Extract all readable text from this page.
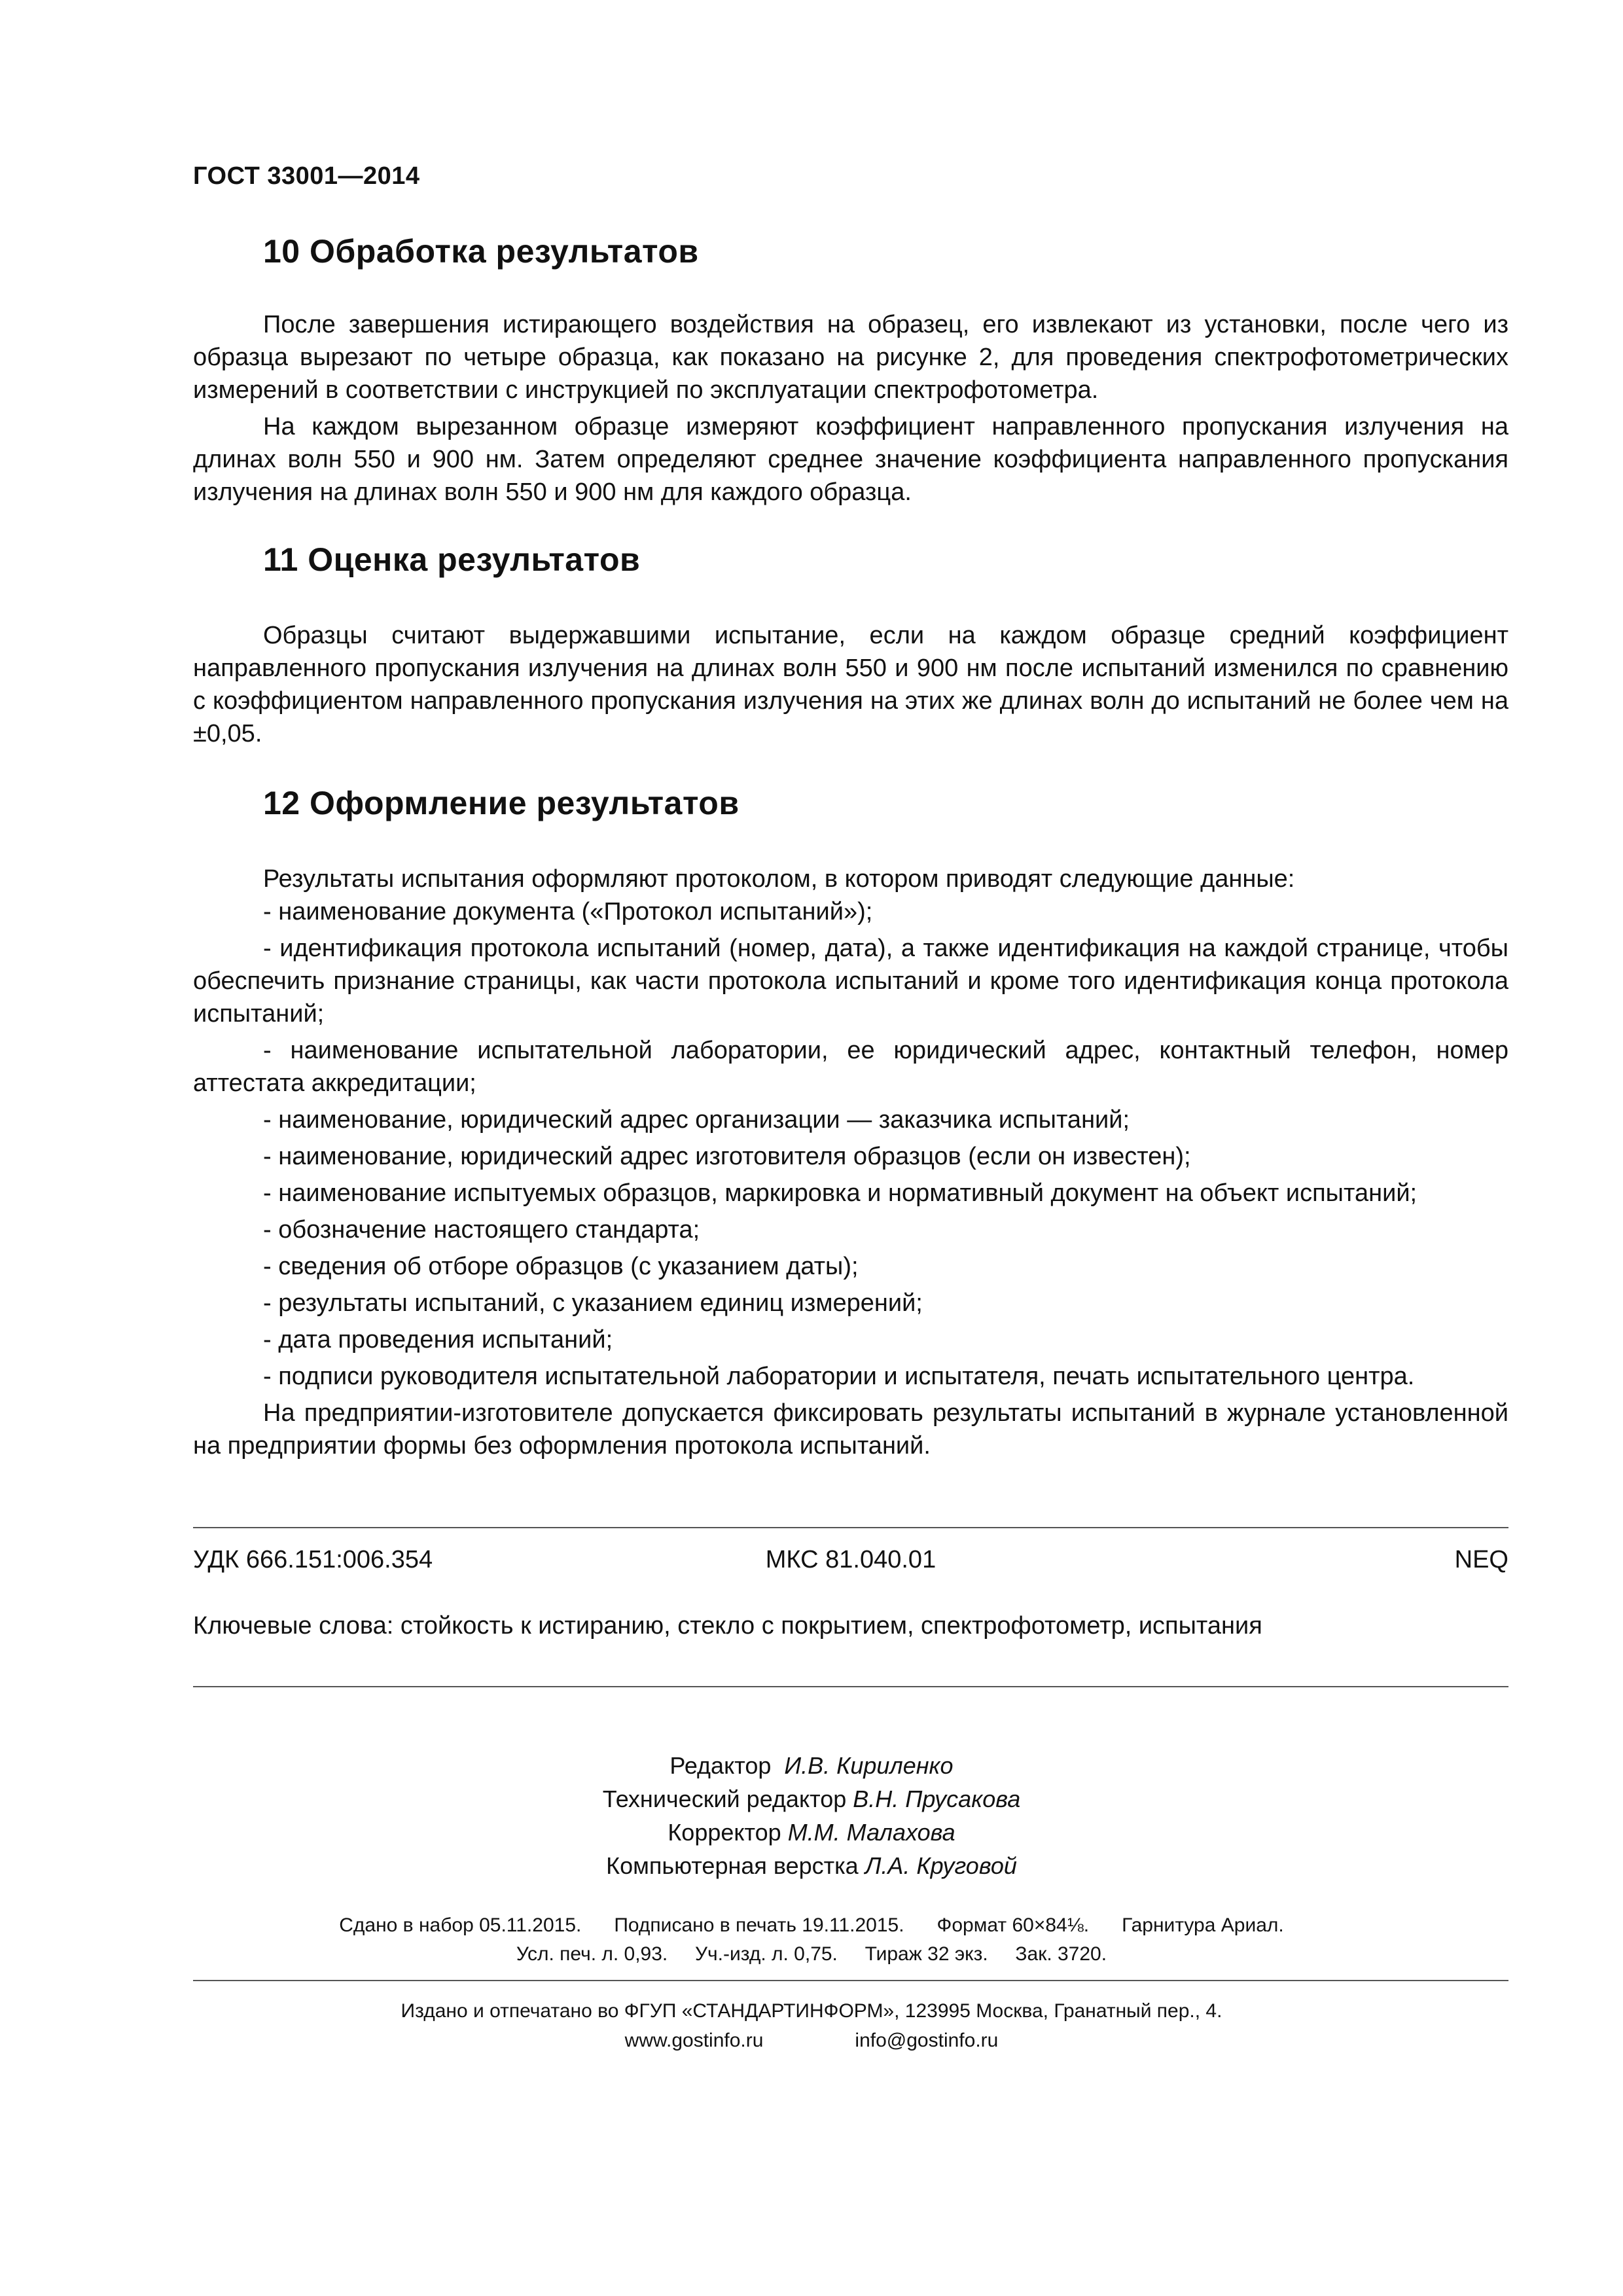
ГОСТ 33001—2014
10 Обработка результатов

После завершения истирающего воздействия на образец, его извлекают из установки, после чего из образца вырезают по четыре образца, как показано на рисунке 2, для проведения спектрофотометрических измерений в соответствии с инструкцией по эксплуатации спектрофотометра.

На каждом вырезанном образце измеряют коэффициент направленного пропускания излучения на длинах волн 550 и 900 нм. Затем определяют среднее значение коэффициента направленного пропускания излучения на длинах волн 550 и 900 нм для каждого образца.

11 Оценка результатов

Образцы считают выдержавшими испытание, если на каждом образце средний коэффициент направленного пропускания излучения на длинах волн 550 и 900 нм после испытаний изменился по сравнению с коэффициентом направленного пропускания излучения на этих же длинах волн до испытаний не более чем на ±0,05.

12 Оформление результатов

Результаты испытания оформляют протоколом, в котором приводят следующие данные:

- наименование документа («Протокол испытаний»);

- идентификация протокола испытаний (номер, дата), а также идентификация на каждой странице, чтобы обеспечить признание страницы, как части протокола испытаний и кроме того идентификация конца протокола испытаний;

- наименование испытательной лаборатории, ее юридический адрес, контактный телефон, номер аттестата аккредитации;

- наименование, юридический адрес организации — заказчика испытаний;

- наименование, юридический адрес изготовителя образцов (если он известен);

- наименование испытуемых образцов, маркировка и нормативный документ на объект испытаний;

- обозначение настоящего стандарта;

- сведения об отборе образцов (с указанием даты);

- результаты испытаний, с указанием единиц измерений;

- дата проведения испытаний;

- подписи руководителя испытательной лаборатории и испытателя, печать испытательного центра.

На предприятии-изготовителе допускается фиксировать результаты испытаний в журнале установленной на предприятии формы без оформления протокола испытаний.

МКС 81.040.01
УДК 666.151:006.354	NEQ
Ключевые слова: стойкость к истиранию, стекло с покрытием, спектрофотометр, испытания
Редактор И.В. Кириленко
Технический редактор В.Н. Прусакова
Корректор М.М. Малахова
Компьютерная верстка Л.А. Круговой
Сдано в набор 05.11.2015. Подписано в печать 19.11.2015. Формат 60×84⅛. Гарнитура Ариал.
Усл. печ. л. 0,93. Уч.-изд. л. 0,75. Тираж 32 экз. Зак. 3720.
Издано и отпечатано во ФГУП «СТАНДАРТИНФОРМ», 123995 Москва, Гранатный пер., 4.
www.gostinfo.ru	info@gostinfo.ru
